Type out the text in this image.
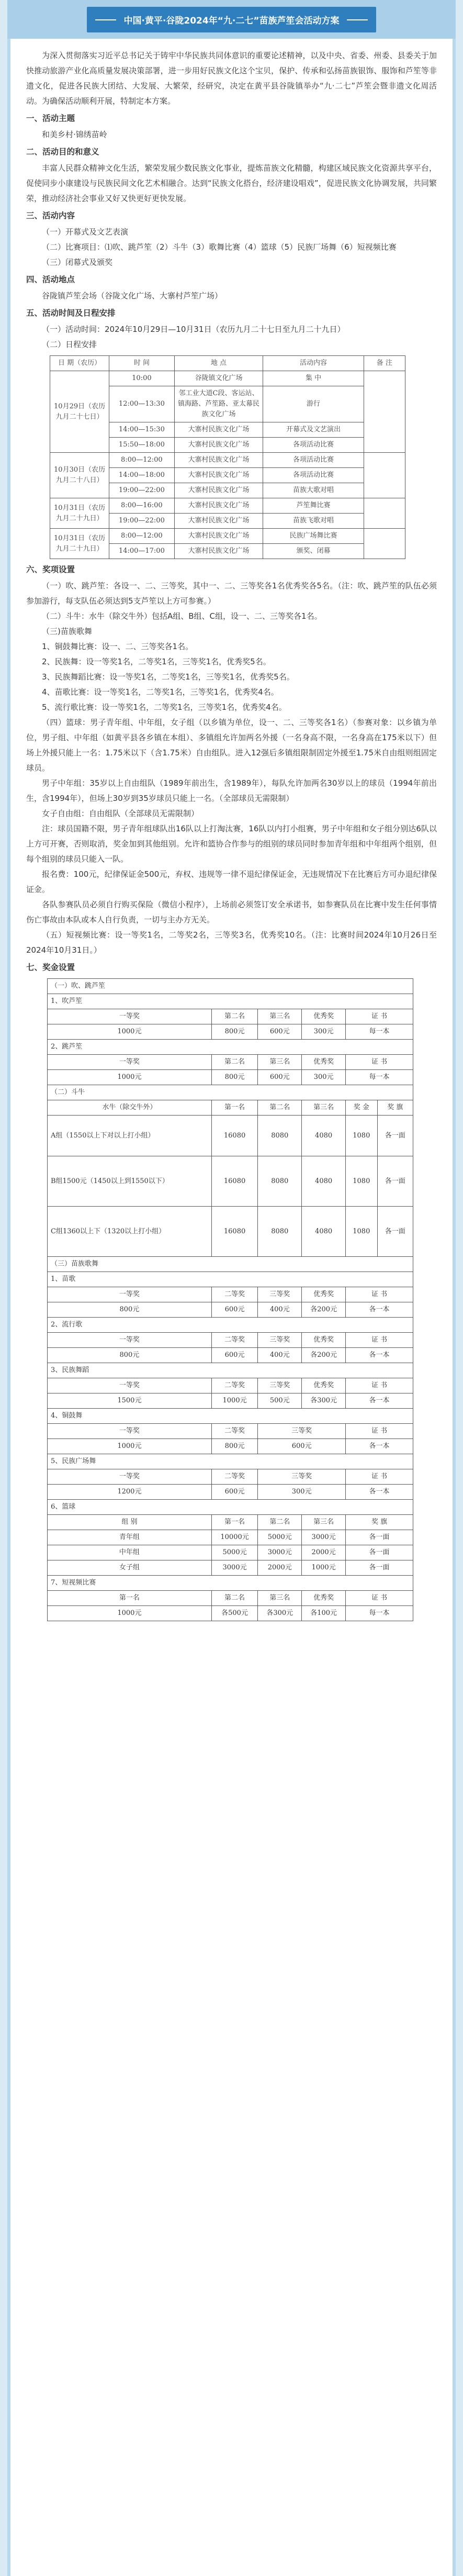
中国·黄平·谷陇2024年“九·二七”苗族芦笙会活动方案

为深入贯彻落实习近平总书记关于铸牢中华民族共同体意识的重要论述精神，以及中央、省委、州委、县委关于加快推动旅游产业化高质量发展决策部署，进一步用好民族文化这个宝贝，保护、传承和弘扬苗族银饰、服饰和芦笙等非遗文化，促进各民族大团结、大发展、大繁荣，经研究，决定在黄平县谷陇镇举办“九·二七”芦笙会暨非遗文化周活动。为确保活动顺利开展，特制定本方案。

一、活动主题

和美乡村·锦绣苗岭

二、活动目的和意义

丰富人民群众精神文化生活，繁荣发展少数民族文化事业，提炼苗族文化精髓，构建区域民族文化资源共享平台，促使同步小康建设与民族民间文化艺术相融合。达到“民族文化搭台，经济建设唱戏”，促进民族文化协调发展，共同繁荣，推动经济社会事业又好又快更好更快发展。

三、活动内容

（一）开幕式及文艺表演

（二）比赛项目：⑴吹、跳芦笙（2）斗牛（3）歌舞比赛（4）篮球（5）民族厂场舞（6）短视频比赛

（三）闭幕式及颁奖

四、活动地点

谷陇镇芦笙会场（谷陇文化广场、大寨村芦笙广场）

五、活动时间及日程安排

（一）活动时间：2024年10月29日—10月31日（农历九月二十七日至九月二十九日）

（二）日程安排

日 期（农历）	时 间	地 点	活动内容	备 注
10月29日（农历九月二十七日）	10:00	谷陇镇文化广场	集 中	
	12:00—13:30	邻工业大道C段、客运站、镇海路、芦笙路、亚太幕民族文化广场	游行	
	14:00—15:30	大寨村民族文化广场	开幕式及文艺演出	
	15:50—18:00	大寨村民族文化广场	各项活动比赛	
10月30日（农历九月二十八日）	8:00—12:00	大寨村民族文化广场	各项活动比赛	
	14:00—18:00	大寨村民族文化广场	各项活动比赛	
	19:00—22:00	大寨村民族文化广场	苗族大歌对唱	
10月31日（农历九月二十九日）	8:00—16:00	大寨村民族文化广场	芦笙舞比赛	
	19:00—22:00	大寨村民族文化广场	苗族飞歌对唱	
10月31日（农历九月二十九日）	8:00—12:00	大寨村民族文化广场	民族广场舞比赛	
	14:00—17:00	大寨村民族文化广场	颁奖、闭幕	

六、奖项设置

（一）吹、跳芦笙：各设一、二、三等奖，其中一、二、三等奖各1名优秀奖各5名。（注：吹、跳芦笙的队伍必须参加游行，每支队伍必须达到5支芦笙以上方可参赛。）

（二）斗牛：水牛（除交牛外）包括A组、B组、C组，设一、二、三等奖各1名。

（三)苗族歌舞

1、铜鼓舞比赛：设一、二、三等奖各1名。

2、民族舞：设一等奖1名，二等奖1名，三等奖1名，优秀奖5名。

3、民族舞蹈比赛：设一等奖1名，二等奖1名，三等奖1名，优秀奖5名。

4、苗歌比赛：设一等奖1名，二等奖1名，三等奖1名，优秀奖4名。

5、流行歌比赛：设一等奖1名，二等奖1名，三等奖1名，优秀奖4名。

（四）篮球：男子青年组、中年组，女子组（以乡镇为单位，设一、二、三等奖各1名）（参赛对象：以乡镇为单位，男子组、中年组（如黄平县各乡镇在本组）、多镇组允许加两名外援（一名身高不限，一名身高在175米以下）但场上外援只能上一名：1.75米以下（含1.75米）自由组队。进入12强后多镇组限制固定外援至1.75米自由组则组固定球员。

男子中年组：35岁以上自由组队（1989年前出生，含1989年），每队允许加两名30岁以上的球员（1994年前出生，含1994年），但场上30岁到35岁球员只能上一名。（全部球员无需限制）

女子自由组：自由组队（全部球员无需限制）

注：球员国籍不限，男子青年组球队出16队以上打淘汰赛，16队以内打小组赛，男子中年组和女子组分别达6队以上方可开赛，否则取消，奖金加到其他组别。允许和篮协合作参与的组别的球员同时参加青年组和中年组两个组别，但每个组别的球员只能入一队。

报名费：100元，纪律保证金500元，弃权、违规等一律不退纪律保证金，无违规情况下在比赛后方可办退纪律保证金。

各队参赛队员必须自行购买保险（微信小程序），上场前必须签订安全承诺书，如参赛队员在比赛中发生任何事情伤亡事故由本队或本人自行负责，一切与主办方无关。

（五）短视频比赛：设一等奖1名，二等奖2名，三等奖3名，优秀奖10名。（注：比赛时间2024年10月26日至2024年10月31日。）

七、奖金设置

（一）吹、跳芦笙					
1、吹芦笙					
一等奖	第二名	第三名	优秀奖	证 书	
1000元	800元	600元	300元	每一本	
2、跳芦笙					
一等奖	第二名	第三名	优秀奖	证 书	
1000元	800元	600元	300元	每一本	
（二）斗牛					
水牛（除交牛外）	第一名	第二名	第三名	奖 金	奖 旗
A组（1550以上下对以上打小组）	16080	8080	4080	1080	各一面
B组1500元（1450以上到1550以下）	16080	8080	4080	1080	各一面
C组1360以上下（1320以上打小组）	16080	8080	4080	1080	各一面
（三）苗族歌舞					
1、苗歌					
一等奖	二等奖	三等奖	优秀奖	证 书	
800元	600元	400元	各200元	各一本	
2、流行歌					
一等奖	二等奖	三等奖	优秀奖	证 书	
800元	600元	400元	各200元	各一本	
3、民族舞蹈					
一等奖	二等奖	三等奖	优秀奖	证 书	
1500元	1000元	500元	各300元	各一本	
4、铜鼓舞					
一等奖	二等奖	三等奖		证 书	
1000元	800元	600元		各一本	
5、民族广场舞					
一等奖	二等奖	三等奖		证 书	
1200元	600元	300元		各一本	
6、篮球					
组 别	第一名	第二名	第三名	奖 旗	
青年组	10000元	5000元	3000元	各一面	
中年组	5000元	3000元	2000元	各一面	
女子组	3000元	2000元	1000元	各一面	
7、短视频比赛					
第一名	第二名	第三名	优秀奖	证 书	
1000元	各500元	各300元	各100元	每一本	
